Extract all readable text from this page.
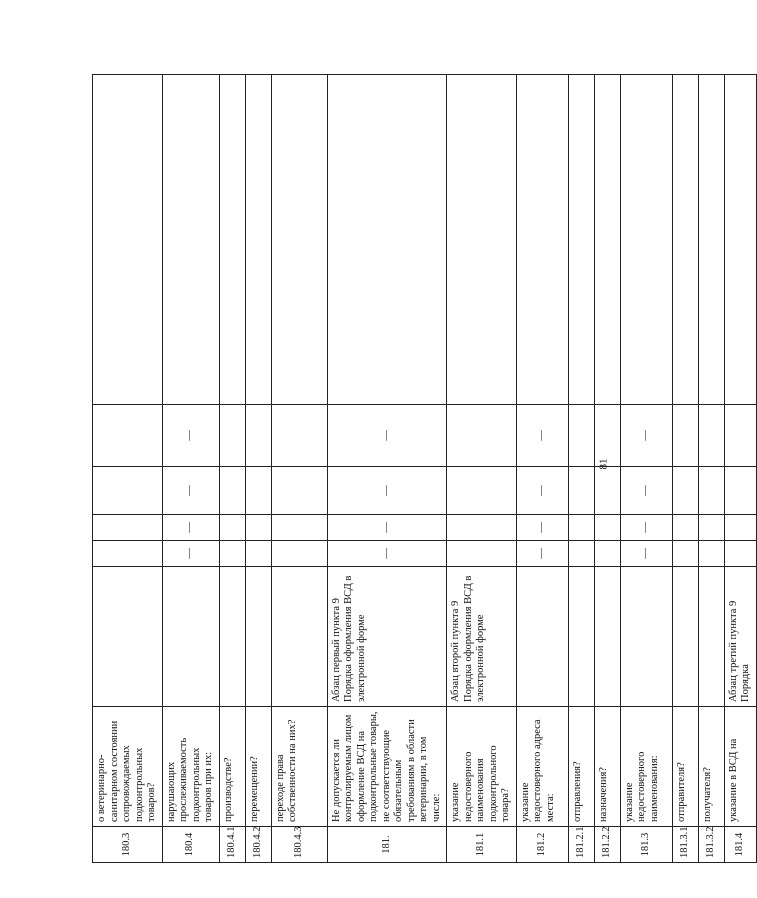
81
180.3	о ветеринарно-санитарном состоянии сопровождаемых подконтрольных товаров?						
180.4	нарушающих прослеживаемость подконтрольных товаров при их:		—	—	—	—	
180.4.1	производстве?						
180.4.2	перемещении?						
180.4.3	переходе права собственности на них?						
181.	Не допускается ли контролируемым лицом оформление ВСД на подконтрольные товары, не соответствующие обязательным требованиям в области ветеринарии, в том числе:	Абзац первый пункта 9 Порядка оформления ВСД в электронной форме	—	—	—	—	
181.1	указание недостоверного наименования подконтрольного товара?	Абзац второй пункта 9 Порядка оформления ВСД в электронной форме					
181.2	указание недостоверного адреса места:		—	—	—	—	
181.2.1	отправления?						
181.2.2	назначения?						
181.3	указание недостоверного наименования:		—	—	—	—	
181.3.1	отправителя?						
181.3.2	получателя?						
181.4	указание в ВСД на	Абзац третий пункта 9 Порядка					
